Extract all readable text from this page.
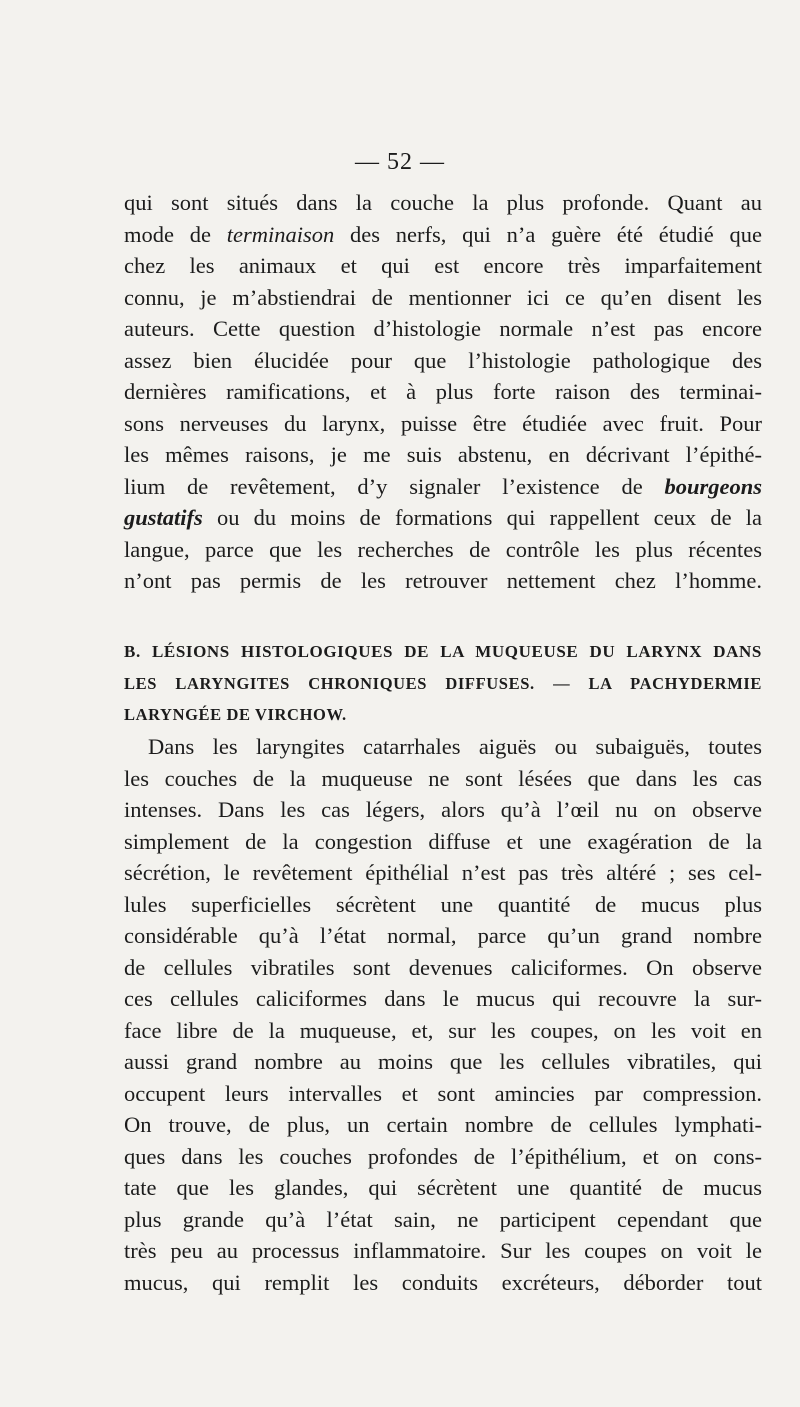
— 52 —
qui sont situés dans la couche la plus profonde. Quant au
mode de terminaison des nerfs, qui n’a guère été étudié que
chez les animaux et qui est encore très imparfaitement
connu, je m’abstiendrai de mentionner ici ce qu’en disent les
auteurs. Cette question d’histologie normale n’est pas encore
assez bien élucidée pour que l’histologie pathologique des
dernières ramifications, et à plus forte raison des terminai-
sons nerveuses du larynx, puisse être étudiée avec fruit. Pour
les mêmes raisons, je me suis abstenu, en décrivant l’épithé-
lium de revêtement, d’y signaler l’existence de bourgeons
gustatifs ou du moins de formations qui rappellent ceux de la
langue, parce que les recherches de contrôle les plus récentes
n’ont pas permis de les retrouver nettement chez l’homme.
B. LÉSIONS HISTOLOGIQUES DE LA MUQUEUSE DU LARYNX DANS
LES LARYNGITES CHRONIQUES DIFFUSES. — LA PACHYDERMIE
LARYNGÉE DE VIRCHOW.
Dans les laryngites catarrhales aiguës ou subaiguës, toutes
les couches de la muqueuse ne sont lésées que dans les cas
intenses. Dans les cas légers, alors qu’à l’œil nu on observe
simplement de la congestion diffuse et une exagération de la
sécrétion, le revêtement épithélial n’est pas très altéré ; ses cel-
lules superficielles sécrètent une quantité de mucus plus
considérable qu’à l’état normal, parce qu’un grand nombre
de cellules vibratiles sont devenues caliciformes. On observe
ces cellules caliciformes dans le mucus qui recouvre la sur-
face libre de la muqueuse, et, sur les coupes, on les voit en
aussi grand nombre au moins que les cellules vibratiles, qui
occupent leurs intervalles et sont amincies par compression.
On trouve, de plus, un certain nombre de cellules lymphati-
ques dans les couches profondes de l’épithélium, et on cons-
tate que les glandes, qui sécrètent une quantité de mucus
plus grande qu’à l’état sain, ne participent cependant que
très peu au processus inflammatoire. Sur les coupes on voit le
mucus, qui remplit les conduits excréteurs, déborder tout
